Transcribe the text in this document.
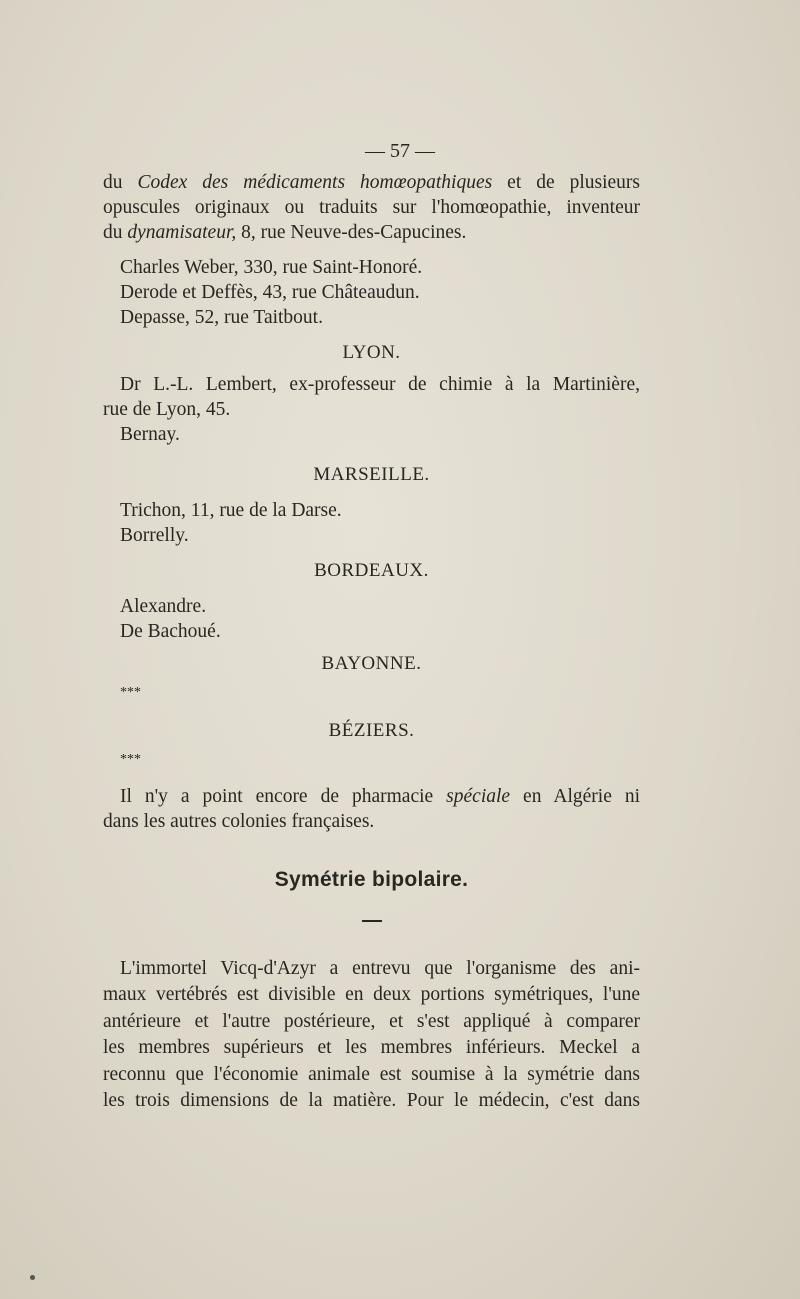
— 57 —
du Codex des médicaments homœopathiques et de plusieurs
opuscules originaux ou traduits sur l'homœopathie, inventeur
du dynamisateur, 8, rue Neuve-des-Capucines.
Charles Weber, 330, rue Saint-Honoré.
Derode et Deffès, 43, rue Châteaudun.
Depasse, 52, rue Taitbout.
LYON.
Dr L.-L. Lembert, ex-professeur de chimie à la Martinière,
rue de Lyon, 45.
Bernay.
MARSEILLE.
Trichon, 11, rue de la Darse.
Borrelly.
BORDEAUX.
Alexandre.
De Bachoué.
BAYONNE.
***
BÉZIERS.
***
Il n'y a point encore de pharmacie spéciale en Algérie ni
dans les autres colonies françaises.
Symétrie bipolaire.
L'immortel Vicq-d'Azyr a entrevu que l'organisme des ani-
maux vertébrés est divisible en deux portions symétriques, l'une
antérieure et l'autre postérieure, et s'est appliqué à comparer
les membres supérieurs et les membres inférieurs. Meckel a
reconnu que l'économie animale est soumise à la symétrie dans
les trois dimensions de la matière. Pour le médecin, c'est dans
